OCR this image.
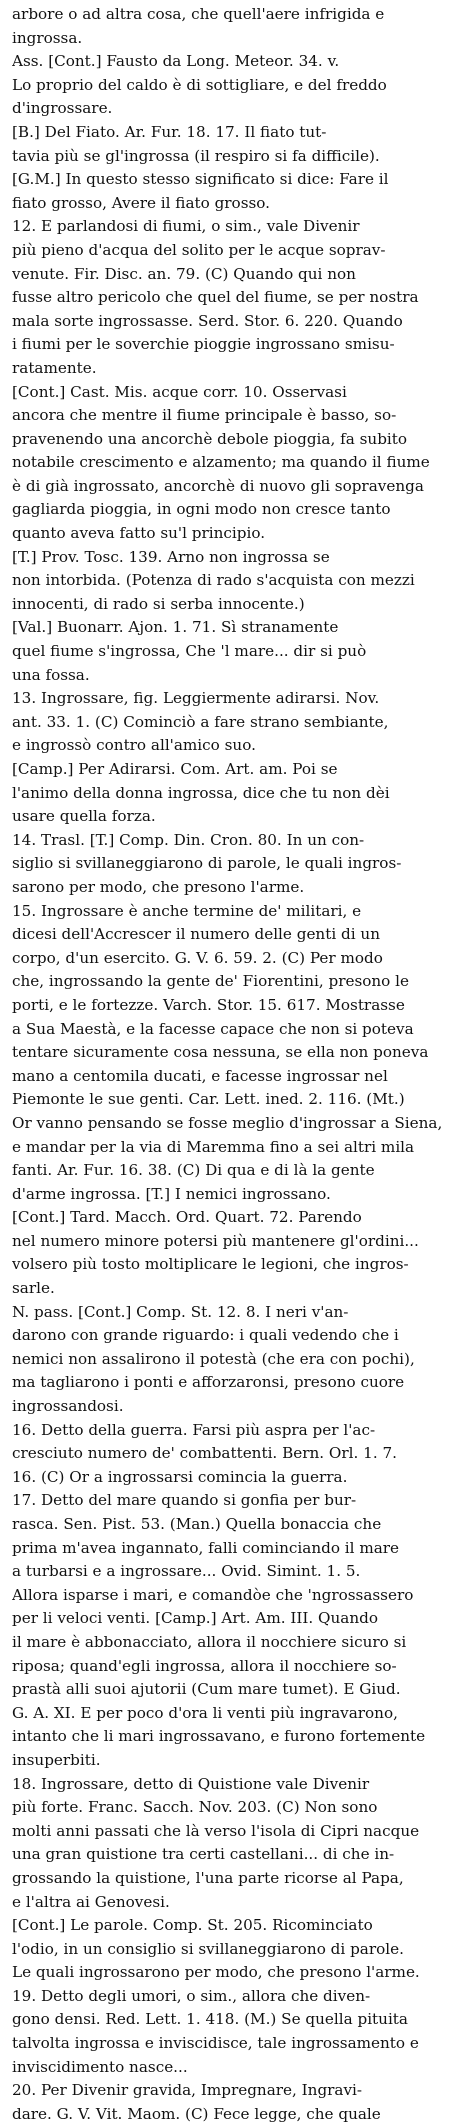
arbore o ad altra cosa, che quell'aere infrigida e
ingrossa.
Ass. [Cont.] Fausto da Long. Meteor. 34. v.
Lo proprio del caldo è di sottigliare, e del freddo
d'ingrossare.
[B.] Del Fiato. Ar. Fur. 18. 17. Il fiato tut-
tavia più se gl'ingrossa (il respiro si fa difficile).
[G.M.] In questo stesso significato si dice: Fare il
fiato grosso, Avere il fiato grosso.
12. E parlandosi di fiumi, o sim., vale Divenir
più pieno d'acqua del solito per le acque soprav-
venute. Fir. Disc. an. 79. (C) Quando qui non
fusse altro pericolo che quel del fiume, se per nostra
mala sorte ingrossasse. Serd. Stor. 6. 220. Quando
i fiumi per le soverchie pioggie ingrossano smisu-
ratamente.
[Cont.] Cast. Mis. acque corr. 10. Osservasi
ancora che mentre il fiume principale è basso, so-
pravenendo una ancorchè debole pioggia, fa subito
notabile crescimento e alzamento; ma quando il fiume
è di già ingrossato, ancorchè di nuovo gli sopravenga
gagliarda pioggia, in ogni modo non cresce tanto
quanto aveva fatto su'l principio.
[T.] Prov. Tosc. 139. Arno non ingrossa se
non intorbida. (Potenza di rado s'acquista con mezzi
innocenti, di rado si serba innocente.)
[Val.] Buonarr. Ajon. 1. 71. Sì stranamente
quel fiume s'ingrossa, Che 'l mare... dir si può
una fossa.
13. Ingrossare, fig. Leggiermente adirarsi. Nov.
ant. 33. 1. (C) Cominciò a fare strano sembiante,
e ingrossò contro all'amico suo.
[Camp.] Per Adirarsi. Com. Art. am. Poi se
l'animo della donna ingrossa, dice che tu non dèi
usare quella forza.
14. Trasl. [T.] Comp. Din. Cron. 80. In un con-
siglio si svillaneggiarono di parole, le quali ingros-
sarono per modo, che presono l'arme.
15. Ingrossare è anche termine de' militari, e
dicesi dell'Accrescer il numero delle genti di un
corpo, d'un esercito. G. V. 6. 59. 2. (C) Per modo
che, ingrossando la gente de' Fiorentini, presono le
porti, e le fortezze. Varch. Stor. 15. 617. Mostrasse
a Sua Maestà, e la facesse capace che non si poteva
tentare sicuramente cosa nessuna, se ella non poneva
mano a centomila ducati, e facesse ingrossar nel
Piemonte le sue genti. Car. Lett. ined. 2. 116. (Mt.)
Or vanno pensando se fosse meglio d'ingrossar a Siena,
e mandar per la via di Maremma fino a sei altri mila
fanti. Ar. Fur. 16. 38. (C) Di qua e di là la gente
d'arme ingrossa. [T.] I nemici ingrossano.
[Cont.] Tard. Macch. Ord. Quart. 72. Parendo
nel numero minore potersi più mantenere gl'ordini...
volsero più tosto moltiplicare le legioni, che ingros-
sarle.
N. pass. [Cont.] Comp. St. 12. 8. I neri v'an-
darono con grande riguardo: i quali vedendo che i
nemici non assalirono il potestà (che era con pochi),
ma tagliarono i ponti e afforzaronsi, presono cuore
ingrossandosi.
16. Detto della guerra. Farsi più aspra per l'ac-
cresciuto numero de' combattenti. Bern. Orl. 1. 7.
16. (C) Or a ingrossarsi comincia la guerra.
17. Detto del mare quando si gonfia per bur-
rasca. Sen. Pist. 53. (Man.) Quella bonaccia che
prima m'avea ingannato, falli cominciando il mare
a turbarsi e a ingrossare... Ovid. Simint. 1. 5.
Allora isparse i mari, e comandòe che 'ngrossassero
per li veloci venti. [Camp.] Art. Am. III. Quando
il mare è abbonacciato, allora il nocchiere sicuro si
riposa; quand'egli ingrossa, allora il nocchiere so-
prastà alli suoi ajutorii (Cum mare tumet). E Giud.
G. A. XI. E per poco d'ora li venti più ingravarono,
intanto che li mari ingrossavano, e furono fortemente
insuperbiti.
18. Ingrossare, detto di Quistione vale Divenir
più forte. Franc. Sacch. Nov. 203. (C) Non sono
molti anni passati che là verso l'isola di Cipri nacque
una gran quistione tra certi castellani... di che in-
grossando la quistione, l'una parte ricorse al Papa,
e l'altra ai Genovesi.
[Cont.] Le parole. Comp. St. 205. Ricominciato
l'odio, in un consiglio si svillaneggiarono di parole.
Le quali ingrossarono per modo, che presono l'arme.
19. Detto degli umori, o sim., allora che diven-
gono densi. Red. Lett. 1. 418. (M.) Se quella pituita
talvolta ingrossa e inviscidisce, tale ingrossamento e
inviscidimento nasce...
20. Per Divenir gravida, Impregnare, Ingravi-
dare. G. V. Vit. Maom. (C) Fece legge, che quale
